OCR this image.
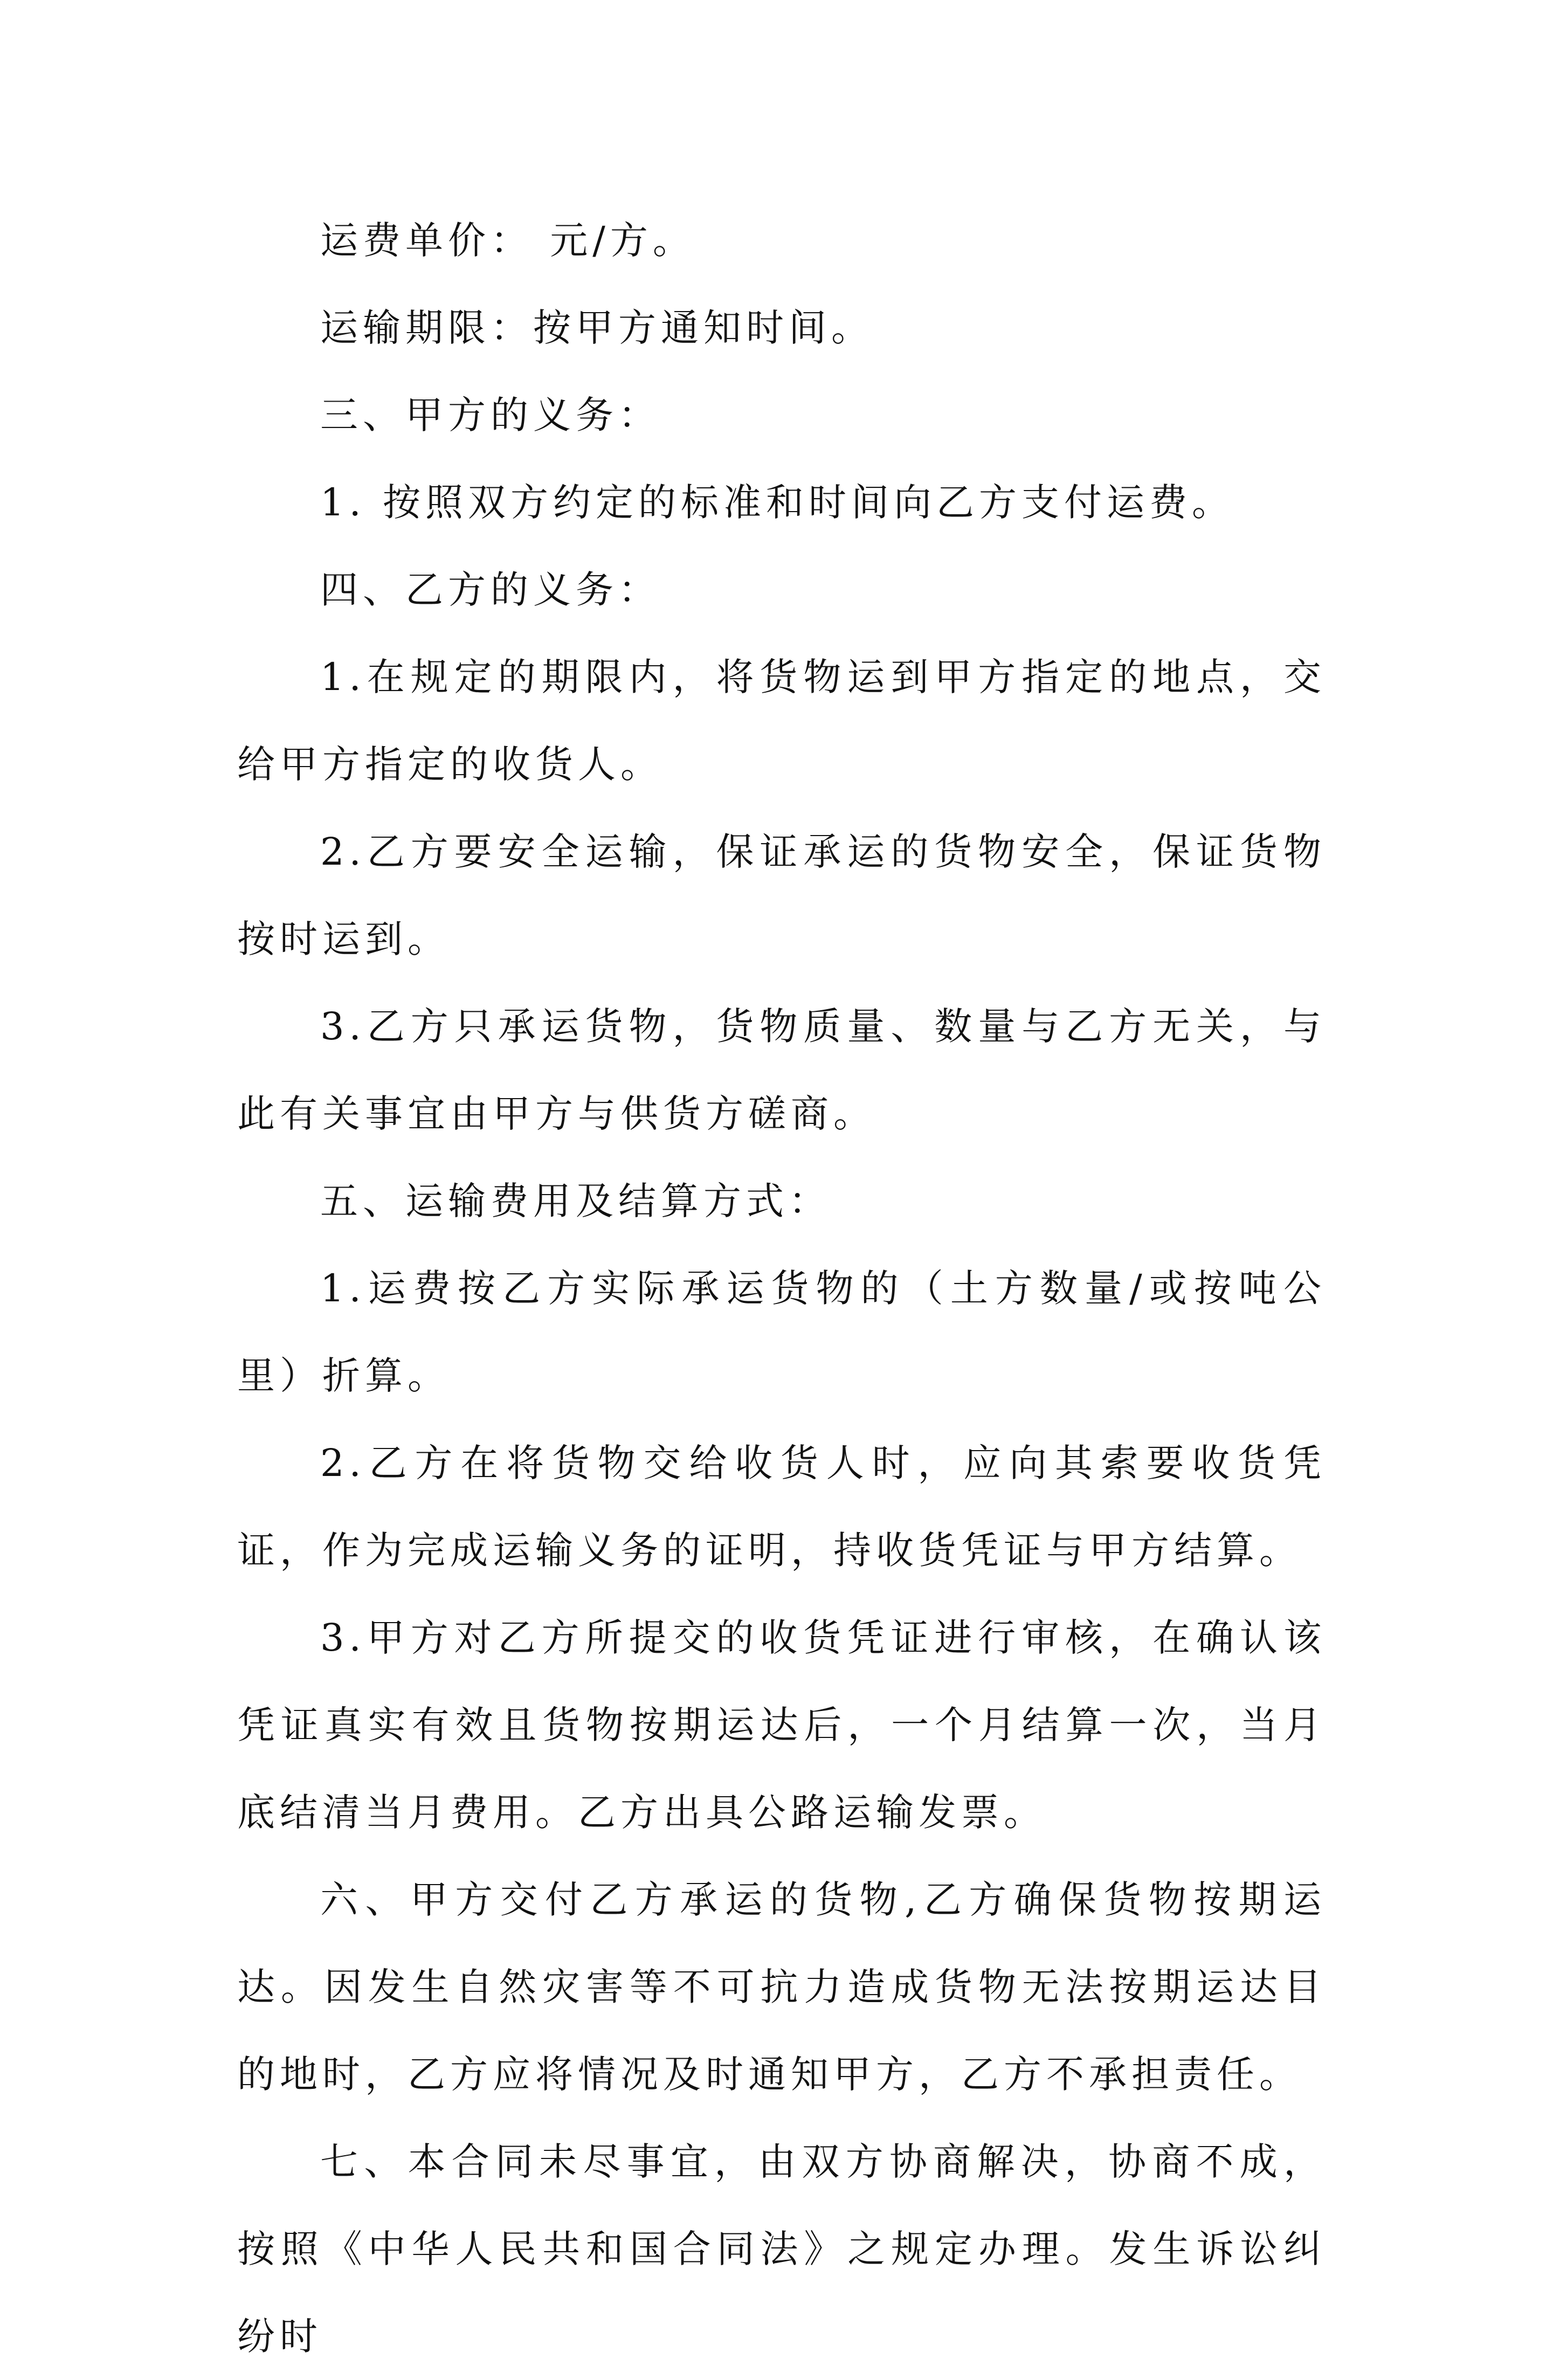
运费单价： 元/方。

运输期限：按甲方通知时间。

三、甲方的义务：

1. 按照双方约定的标准和时间向乙方支付运费。

四、乙方的义务：

1.在规定的期限内，将货物运到甲方指定的地点，交给甲方指定的收货人。

2.乙方要安全运输，保证承运的货物安全，保证货物按时运到。

3.乙方只承运货物，货物质量、数量与乙方无关，与此有关事宜由甲方与供货方磋商。

五、运输费用及结算方式：

1.运费按乙方实际承运货物的（土方数量/或按吨公里）折算。

2.乙方在将货物交给收货人时，应向其索要收货凭证，作为完成运输义务的证明，持收货凭证与甲方结算。

3.甲方对乙方所提交的收货凭证进行审核，在确认该凭证真实有效且货物按期运达后，一个月结算一次，当月底结清当月费用。乙方出具公路运输发票。

六、甲方交付乙方承运的货物,乙方确保货物按期运达。因发生自然灾害等不可抗力造成货物无法按期运达目的地时，乙方应将情况及时通知甲方，乙方不承担责任。

七、本合同未尽事宜，由双方协商解决，协商不成，按照《中华人民共和国合同法》之规定办理。发生诉讼纠纷时
